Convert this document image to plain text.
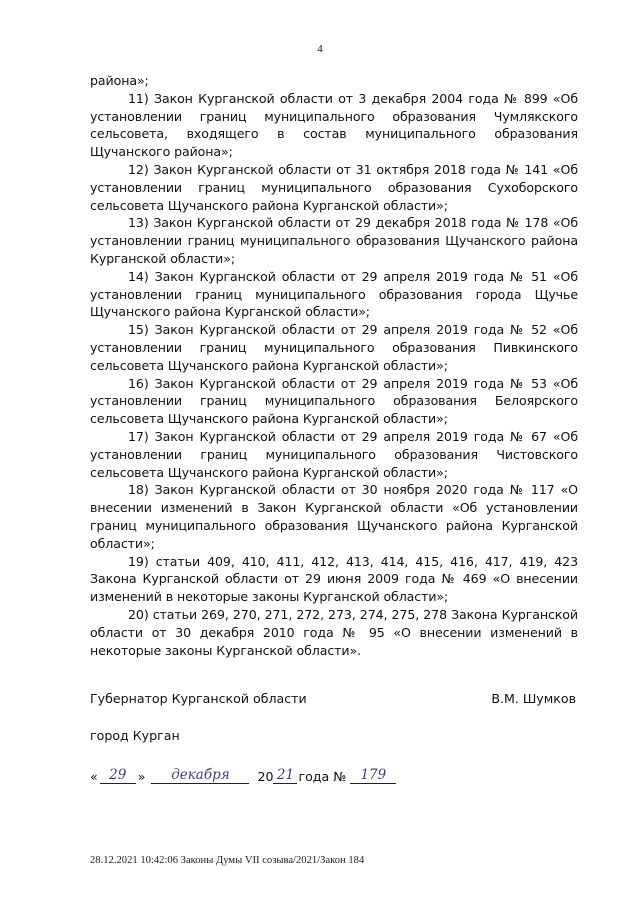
4

района»;

11) Закон Курганской области от 3 декабря 2004 года № 899 «Об установлении границ муниципального образования Чумлякского сельсовета, входящего в состав муниципального образования Щучанского района»;

12) Закон Курганской области от 31 октября 2018 года № 141 «Об установлении границ муниципального образования Сухоборского сельсовета Щучанского района Курганской области»;

13) Закон Курганской области от 29 декабря 2018 года № 178 «Об установлении границ муниципального образования Щучанского района Курганской области»;

14) Закон Курганской области от 29 апреля 2019 года № 51 «Об установлении границ муниципального образования города Щучье Щучанского района Курганской области»;

15) Закон Курганской области от 29 апреля 2019 года № 52 «Об установлении границ муниципального образования Пивкинского сельсовета Щучанского района Курганской области»;

16) Закон Курганской области от 29 апреля 2019 года № 53 «Об установлении границ муниципального образования Белоярского сельсовета Щучанского района Курганской области»;

17) Закон Курганской области от 29 апреля 2019 года № 67 «Об установлении границ муниципального образования Чистовского сельсовета Щучанского района Курганской области»;

18) Закон Курганской области от 30 ноября 2020 года № 117 «О внесении изменений в Закон Курганской области «Об установлении границ муниципального образования Щучанского района Курганской области»;

19) статьи 409, 410, 411, 412, 413, 414, 415, 416, 417, 419, 423 Закона Курганской области от 29 июня 2009 года № 469 «О внесении изменений в некоторые законы Курганской области»;

20) статьи 269, 270, 271, 272, 273, 274, 275, 278 Закона Курганской области от 30 декабря 2010 года № 95 «О внесении изменений в некоторые законы Курганской области».

Губернатор Курганской области	В.М. Шумков
город Курган
« 29 »	декабря	20 21 года №	179
28.12.2021 10:42:06 Законы Думы VII созыва/2021/Закон 184
